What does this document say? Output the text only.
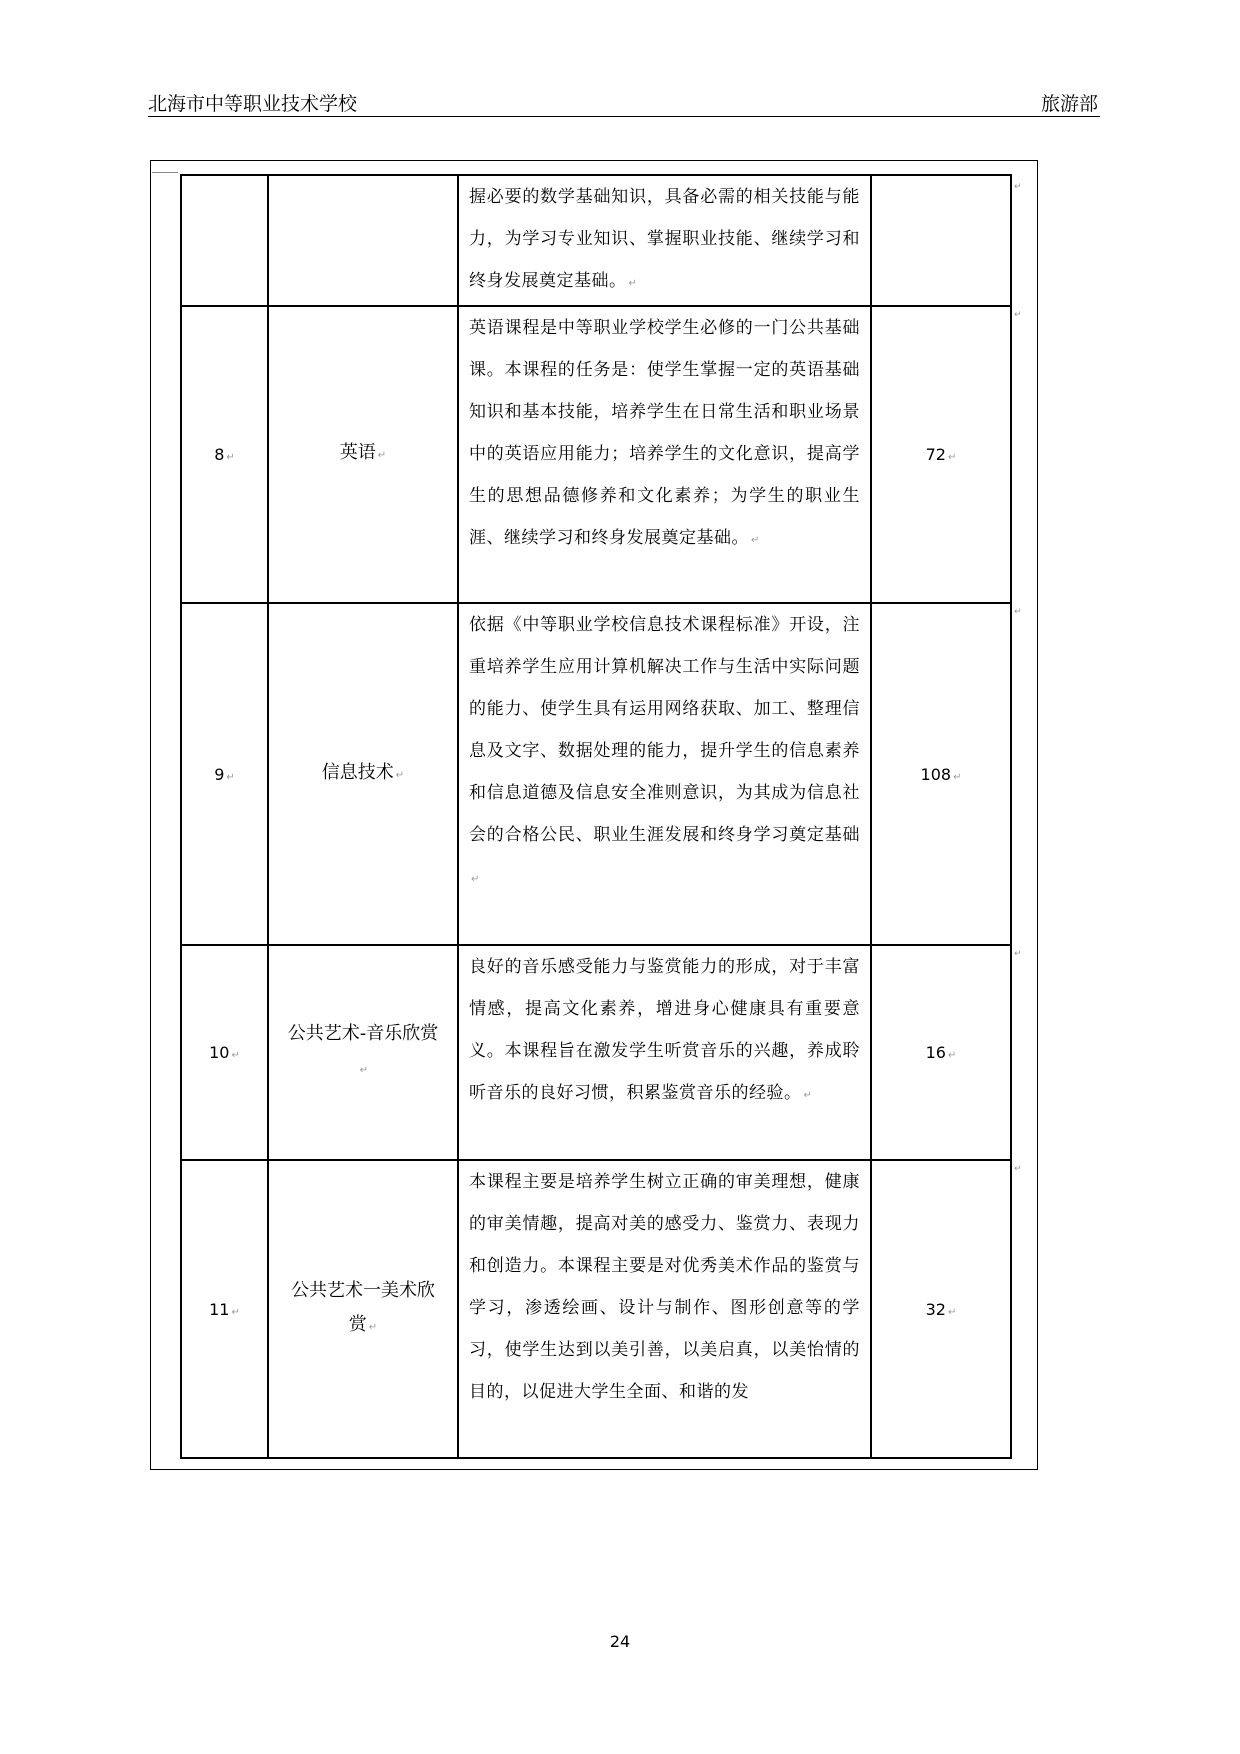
北海市中等职业技术学校	旅游部
		握必要的数学基础知识，具备必需的相关技能与能力，为学习专业知识、掌握职业技能、继续学习和终身发展奠定基础。 ↵	
8 ↵	英语 ↵	英语课程是中等职业学校学生必修的一门公共基础课。本课程的任务是：使学生掌握一定的英语基础知识和基本技能，培养学生在日常生活和职业场景中的英语应用能力；培养学生的文化意识，提高学生的思想品德修养和文化素养；为学生的职业生涯、继续学习和终身发展奠定基础。 ↵	72 ↵
9 ↵	信息技术 ↵	依据《中等职业学校信息技术课程标准》开设，注重培养学生应用计算机解决工作与生活中实际问题的能力、使学生具有运用网络获取、加工、整理信息及文字、数据处理的能力，提升学生的信息素养和信息道德及信息安全准则意识，为其成为信息社会的合格公民、职业生涯发展和终身学习奠定基础↵	108 ↵
10 ↵	公共艺术-音乐欣赏↵	良好的音乐感受能力与鉴赏能力的形成，对于丰富情感，提高文化素养，增进身心健康具有重要意义。本课程旨在激发学生听赏音乐的兴趣，养成聆听音乐的良好习惯，积累鉴赏音乐的经验。 ↵	16 ↵
11 ↵	公共艺术一美术欣赏 ↵	本课程主要是培养学生树立正确的审美理想，健康的审美情趣，提高对美的感受力、鉴赏力、表现力和创造力。本课程主要是对优秀美术作品的鉴赏与学习，渗透绘画、设计与制作、图形创意等的学习，使学生达到以美引善，以美启真，以美怡情的目的，以促进大学生全面、和谐的发	32 ↵
↵
↵
↵
↵
↵
24
